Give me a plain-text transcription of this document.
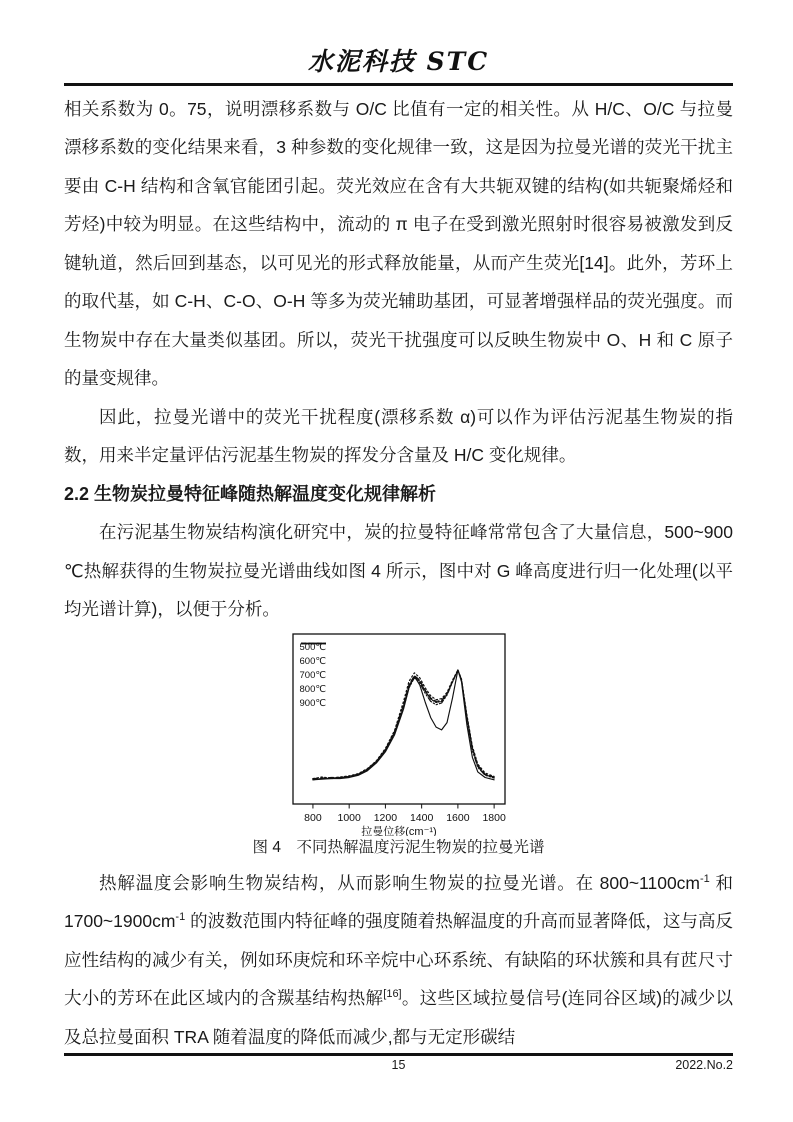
水泥科技 STC

相关系数为 0。75，说明漂移系数与 O/C 比值有一定的相关性。从 H/C、O/C 与拉曼漂移系数的变化结果来看，3 种参数的变化规律一致，这是因为拉曼光谱的荧光干扰主要由 C-H 结构和含氧官能团引起。荧光效应在含有大共轭双键的结构(如共轭聚烯烃和芳烃)中较为明显。在这些结构中，流动的 π 电子在受到激光照射时很容易被激发到反键轨道，然后回到基态，以可见光的形式释放能量，从而产生荧光[14]。此外，芳环上的取代基，如 C-H、C-O、O-H 等多为荧光辅助基团，可显著增强样品的荧光强度。而生物炭中存在大量类似基团。所以，荧光干扰强度可以反映生物炭中 O、H 和 C 原子的量变规律。

因此，拉曼光谱中的荧光干扰程度(漂移系数 α)可以作为评估污泥基生物炭的指数，用来半定量评估污泥基生物炭的挥发分含量及 H/C 变化规律。

2.2 生物炭拉曼特征峰随热解温度变化规律解析

在污泥基生物炭结构演化研究中，炭的拉曼特征峰常常包含了大量信息，500~900 ℃热解获得的生物炭拉曼光谱曲线如图 4 所示，图中对 G 峰高度进行归一化处理(以平均光谱计算)，以便于分析。

800 1000 1200 1400 1600 1800
拉曼位移(cm⁻¹)
500℃
600℃
700℃
800℃
900℃
图 4　不同热解温度污泥生物炭的拉曼光谱

热解温度会影响生物炭结构，从而影响生物炭的拉曼光谱。在 $800\sim 1100cm^{-1}$ 和 $1700\sim 1900cm^{-1}$ 的波数范围内特征峰的强度随着热解温度的升高而显著降低，这与高反应性结构的减少有关，例如环庚烷和环辛烷中心环系统、有缺陷的环状簇和具有苉尺寸大小的芳环在此区域内的含羰基结构热解[16]。这些区域拉曼信号(连同谷区域)的减少以及总拉曼面积 TRA 随着温度的降低而减少,都与无定形碳结

15	2022.No.2
